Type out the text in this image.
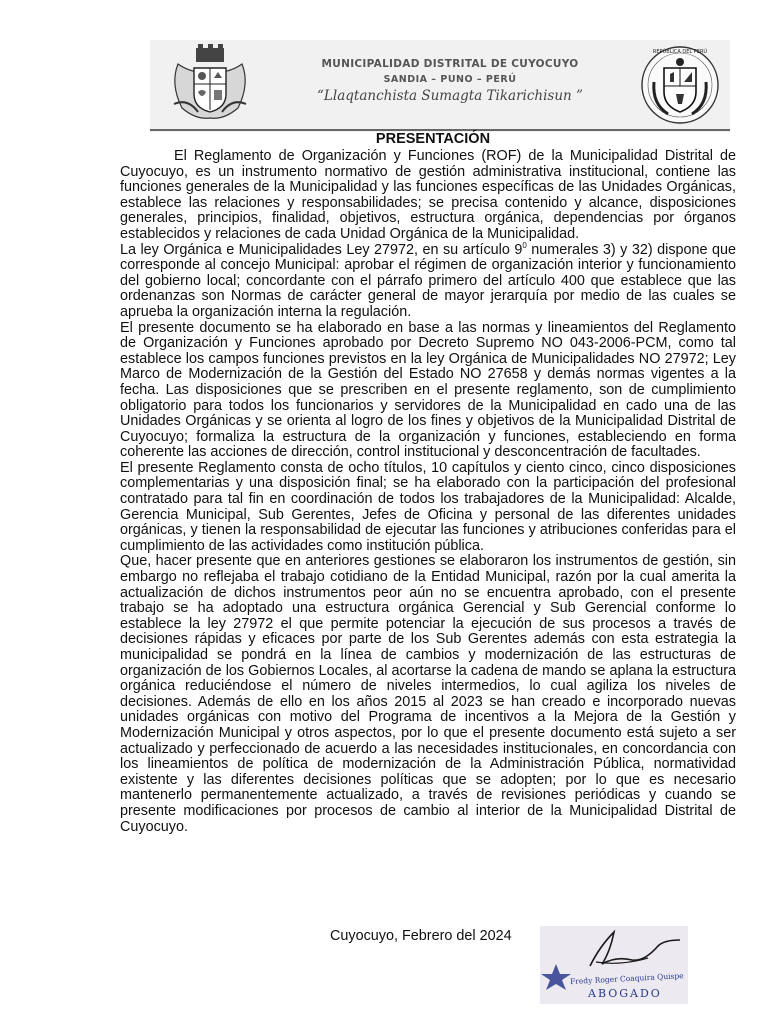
REPÚBLICA DEL PERÚ
MUNICIPALIDAD DISTRITAL DE CUYOCUYO
SANDIA – PUNO – PERÚ
“Llaqtanchista Sumagta Tikarichisun ”
PRESENTACIÓN

El Reglamento de Organización y Funciones (ROF) de la Municipalidad Distrital de Cuyocuyo, es un instrumento normativo de gestión administrativa institucional, contiene las funciones generales de la Municipalidad y las funciones específicas de las Unidades Orgánicas, establece las relaciones y responsabilidades; se precisa contenido y alcance, disposiciones generales, principios, finalidad, objetivos, estructura orgánica, dependencias por órganos establecidos y relaciones de cada Unidad Orgánica de la Municipalidad.

La ley Orgánica e Municipalidades Ley 27972, en su artículo $9^0$ numerales 3) y 32) dispone que corresponde al concejo Municipal: aprobar el régimen de organización interior y funcionamiento del gobierno local; concordante con el párrafo primero del artículo 400 que establece que las ordenanzas son Normas de carácter general de mayor jerarquía por medio de las cuales se aprueba la organización interna la regulación.

El presente documento se ha elaborado en base a las normas y lineamientos del Reglamento de Organización y Funciones aprobado por Decreto Supremo NO 043-2006-PCM, como tal establece los campos funciones previstos en la ley Orgánica de Municipalidades NO 27972; Ley Marco de Modernización de la Gestión del Estado NO 27658 y demás normas vigentes a la fecha. Las disposiciones que se prescriben en el presente reglamento, son de cumplimiento obligatorio para todos los funcionarios y servidores de la Municipalidad en cado una de las Unidades Orgánicas y se orienta al logro de los fines y objetivos de la Municipalidad Distrital de Cuyocuyo; formaliza la estructura de la organización y funciones, estableciendo en forma coherente las acciones de dirección, control institucional y desconcentración de facultades.

El presente Reglamento consta de ocho títulos, 10 capítulos y ciento cinco, cinco disposiciones complementarias y una disposición final; se ha elaborado con la participación del profesional contratado para tal fin en coordinación de todos los trabajadores de la Municipalidad: Alcalde, Gerencia Municipal, Sub Gerentes, Jefes de Oficina y personal de las diferentes unidades orgánicas, y tienen la responsabilidad de ejecutar las funciones y atribuciones conferidas para el cumplimiento de las actividades como institución pública.

Que, hacer presente que en anteriores gestiones se elaboraron los instrumentos de gestión, sin embargo no reflejaba el trabajo cotidiano de la Entidad Municipal, razón por la cual amerita la actualización de dichos instrumentos peor aún no se encuentra aprobado, con el presente trabajo se ha adoptado una estructura orgánica Gerencial y Sub Gerencial conforme lo establece la ley 27972 el que permite potenciar la ejecución de sus procesos a través de decisiones rápidas y eficaces por parte de los Sub Gerentes además con esta estrategia la municipalidad se pondrá en la línea de cambios y modernización de las estructuras de organización de los Gobiernos Locales, al acortarse la cadena de mando se aplana la estructura orgánica reduciéndose el número de niveles intermedios, lo cual agiliza los niveles de decisiones. Además de ello en los años 2015 al 2023 se han creado e incorporado nuevas unidades orgánicas con motivo del Programa de incentivos a la Mejora de la Gestión y Modernización Municipal y otros aspectos, por lo que el presente documento está sujeto a ser actualizado y perfeccionado de acuerdo a las necesidades institucionales, en concordancia con los lineamientos de política de modernización de la Administración Pública, normatividad existente y las diferentes decisiones políticas que se adopten; por lo que es necesario mantenerlo permanentemente actualizado, a través de revisiones periódicas y cuando se presente modificaciones por procesos de cambio al interior de la Municipalidad Distrital de Cuyocuyo.

Cuyocuyo, Febrero del 2024
Fredy Roger Coaquira Quispe
ABOGADO
